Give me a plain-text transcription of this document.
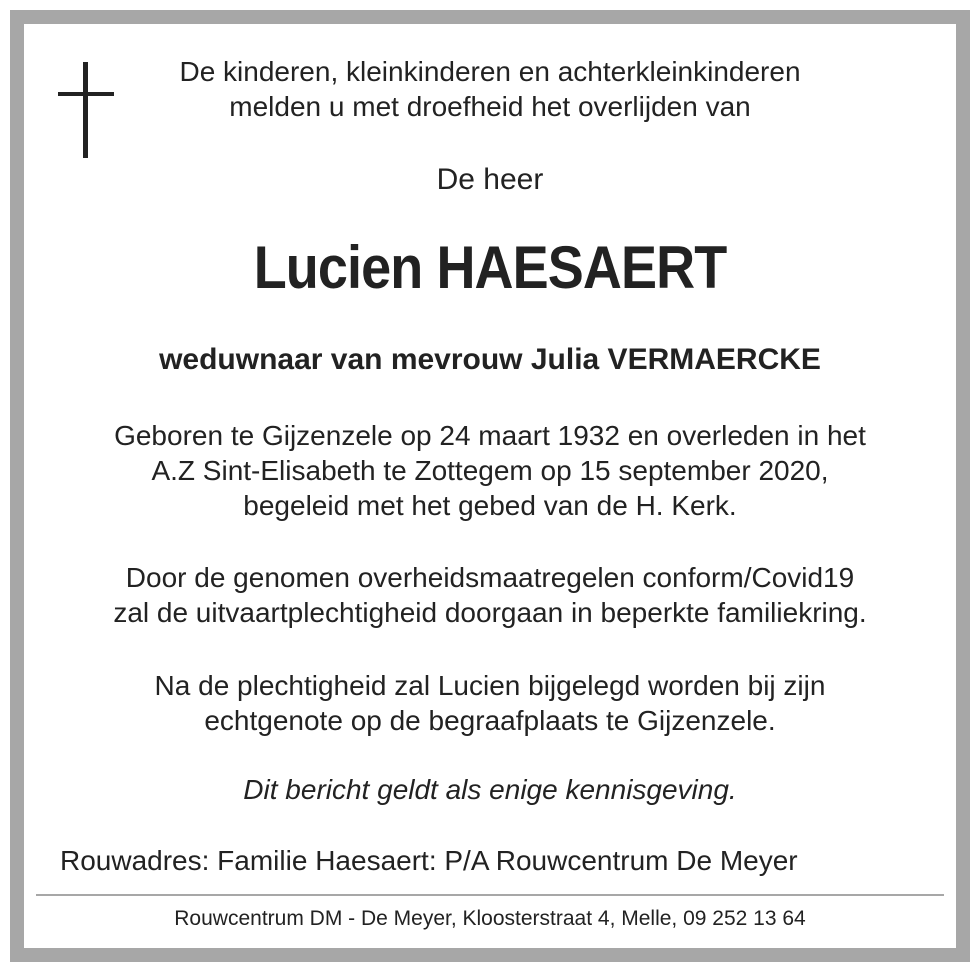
De kinderen, kleinkinderen en achterkleinkinderen
melden u met droefheid het overlijden van
De heer
Lucien HAESAERT
weduwnaar van mevrouw Julia VERMAERCKE
Geboren te Gijzenzele op 24 maart 1932 en overleden in het
A.Z Sint-Elisabeth te Zottegem op 15 september 2020,
begeleid met het gebed van de H. Kerk.
Door de genomen overheidsmaatregelen conform/Covid19
zal de uitvaartplechtigheid doorgaan in beperkte familiekring.
Na de plechtigheid zal Lucien bijgelegd worden bij zijn
echtgenote op de begraafplaats te Gijzenzele.
Dit bericht geldt als enige kennisgeving.
Rouwadres: Familie Haesaert: P/A Rouwcentrum De Meyer
Rouwcentrum DM - De Meyer, Kloosterstraat 4, Melle, 09 252 13 64
